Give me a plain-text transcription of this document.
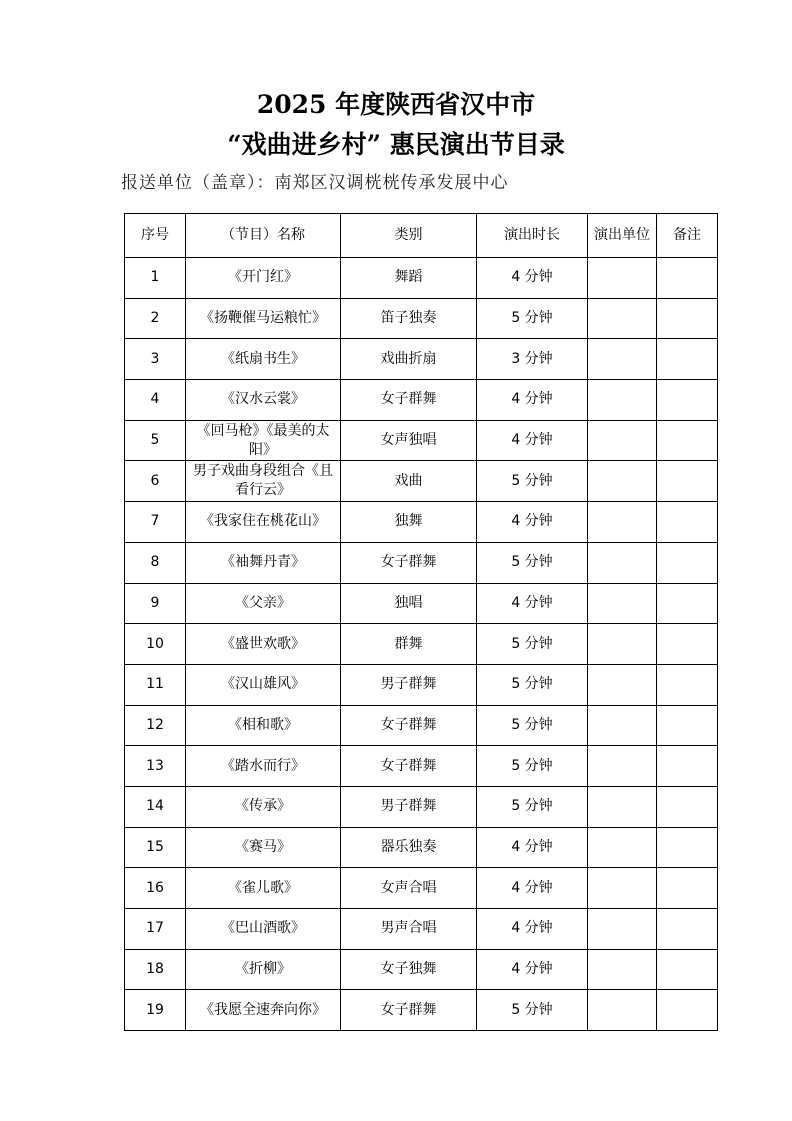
2025 年度陕西省汉中市
“戏曲进乡村” 惠民演出节目录
报送单位（盖章）：南郑区汉调桄桄传承发展中心
序号	（节目）名称	类别	演出时长	演出单位	备注
1	《开门红》	舞蹈	4 分钟		
2	《扬鞭催马运粮忙》	笛子独奏	5 分钟		
3	《纸扇书生》	戏曲折扇	3 分钟		
4	《汉水云裳》	女子群舞	4 分钟		
5	《回马枪》《最美的太阳》	女声独唱	4 分钟		
6	男子戏曲身段组合《且看行云》	戏曲	5 分钟		
7	《我家住在桃花山》	独舞	4 分钟		
8	《袖舞丹青》	女子群舞	5 分钟		
9	《父亲》	独唱	4 分钟		
10	《盛世欢歌》	群舞	5 分钟		
11	《汉山雄风》	男子群舞	5 分钟		
12	《相和歌》	女子群舞	5 分钟		
13	《踏水而行》	女子群舞	5 分钟		
14	《传承》	男子群舞	5 分钟		
15	《赛马》	器乐独奏	4 分钟		
16	《雀儿歌》	女声合唱	4 分钟		
17	《巴山酒歌》	男声合唱	4 分钟		
18	《折柳》	女子独舞	4 分钟		
19	《我愿全速奔向你》	女子群舞	5 分钟		
